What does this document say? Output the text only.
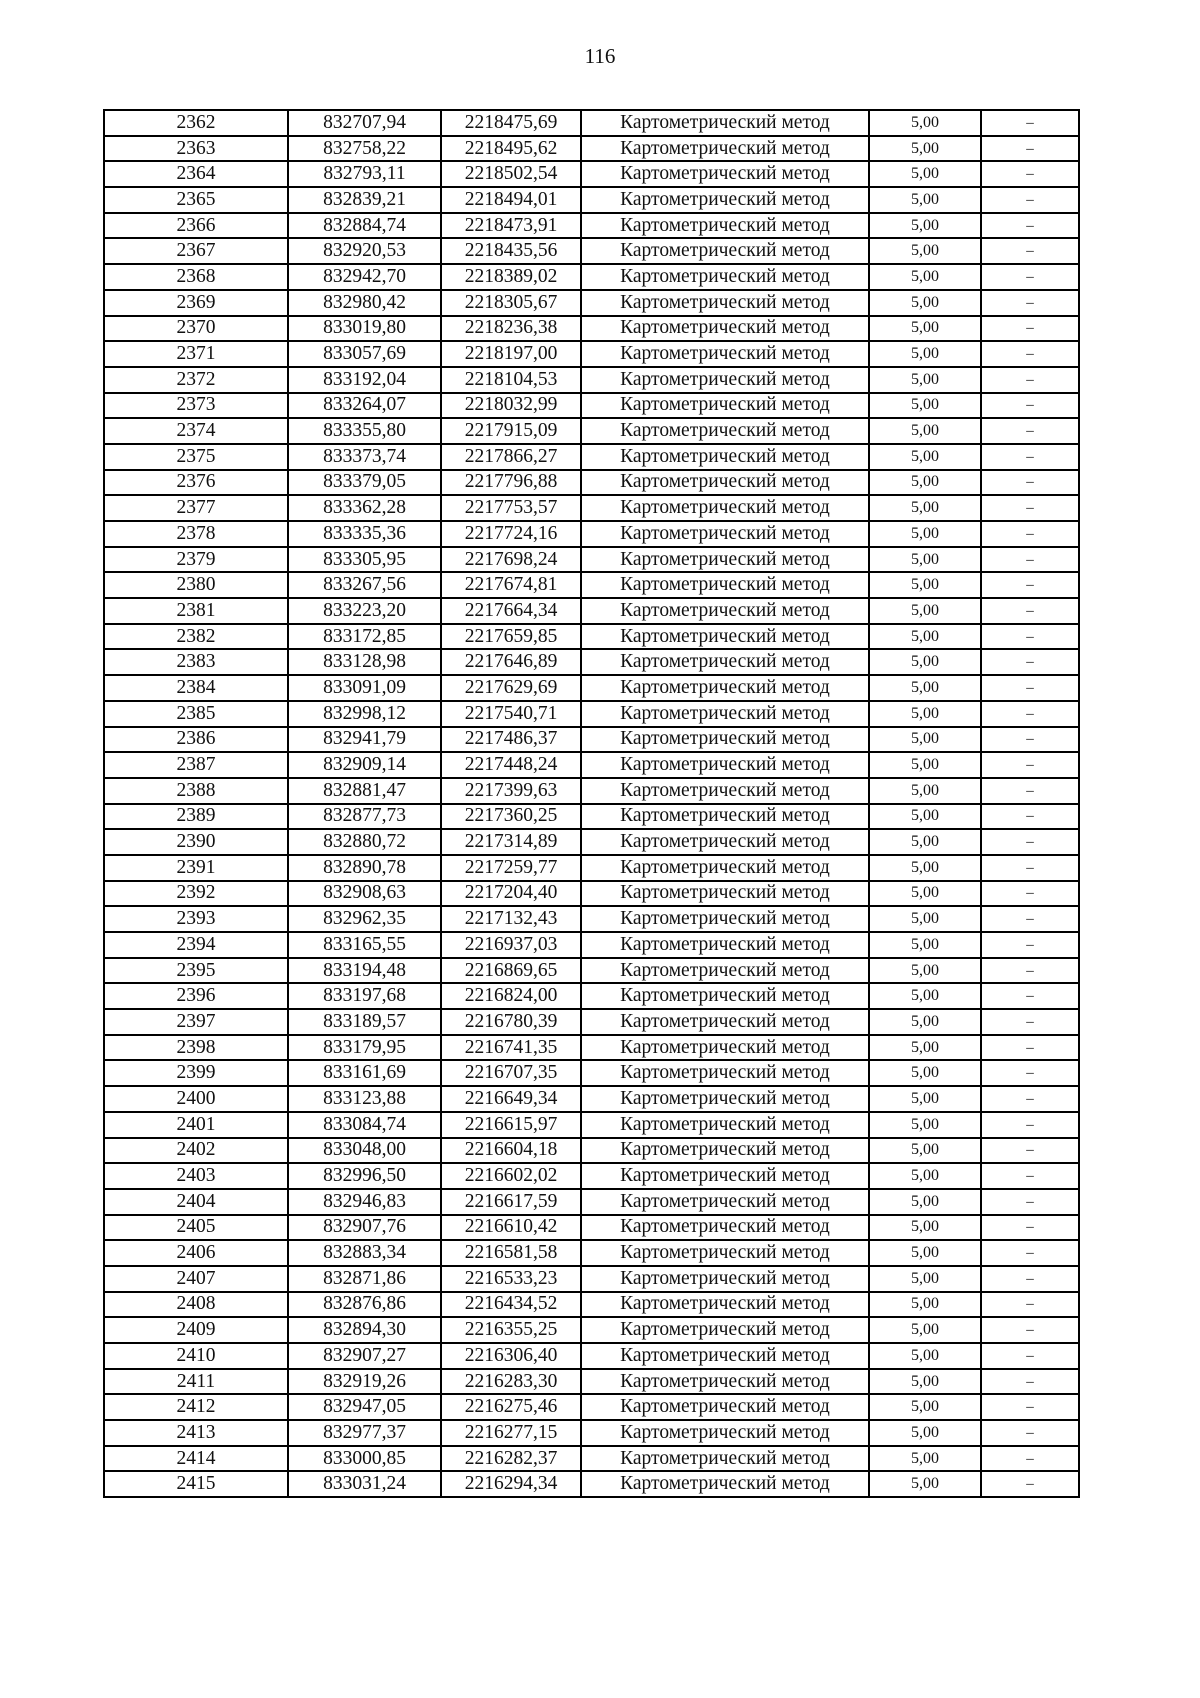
116
2362	832707,94	2218475,69	Картометрический метод	5,00	–
2363	832758,22	2218495,62	Картометрический метод	5,00	–
2364	832793,11	2218502,54	Картометрический метод	5,00	–
2365	832839,21	2218494,01	Картометрический метод	5,00	–
2366	832884,74	2218473,91	Картометрический метод	5,00	–
2367	832920,53	2218435,56	Картометрический метод	5,00	–
2368	832942,70	2218389,02	Картометрический метод	5,00	–
2369	832980,42	2218305,67	Картометрический метод	5,00	–
2370	833019,80	2218236,38	Картометрический метод	5,00	–
2371	833057,69	2218197,00	Картометрический метод	5,00	–
2372	833192,04	2218104,53	Картометрический метод	5,00	–
2373	833264,07	2218032,99	Картометрический метод	5,00	–
2374	833355,80	2217915,09	Картометрический метод	5,00	–
2375	833373,74	2217866,27	Картометрический метод	5,00	–
2376	833379,05	2217796,88	Картометрический метод	5,00	–
2377	833362,28	2217753,57	Картометрический метод	5,00	–
2378	833335,36	2217724,16	Картометрический метод	5,00	–
2379	833305,95	2217698,24	Картометрический метод	5,00	–
2380	833267,56	2217674,81	Картометрический метод	5,00	–
2381	833223,20	2217664,34	Картометрический метод	5,00	–
2382	833172,85	2217659,85	Картометрический метод	5,00	–
2383	833128,98	2217646,89	Картометрический метод	5,00	–
2384	833091,09	2217629,69	Картометрический метод	5,00	–
2385	832998,12	2217540,71	Картометрический метод	5,00	–
2386	832941,79	2217486,37	Картометрический метод	5,00	–
2387	832909,14	2217448,24	Картометрический метод	5,00	–
2388	832881,47	2217399,63	Картометрический метод	5,00	–
2389	832877,73	2217360,25	Картометрический метод	5,00	–
2390	832880,72	2217314,89	Картометрический метод	5,00	–
2391	832890,78	2217259,77	Картометрический метод	5,00	–
2392	832908,63	2217204,40	Картометрический метод	5,00	–
2393	832962,35	2217132,43	Картометрический метод	5,00	–
2394	833165,55	2216937,03	Картометрический метод	5,00	–
2395	833194,48	2216869,65	Картометрический метод	5,00	–
2396	833197,68	2216824,00	Картометрический метод	5,00	–
2397	833189,57	2216780,39	Картометрический метод	5,00	–
2398	833179,95	2216741,35	Картометрический метод	5,00	–
2399	833161,69	2216707,35	Картометрический метод	5,00	–
2400	833123,88	2216649,34	Картометрический метод	5,00	–
2401	833084,74	2216615,97	Картометрический метод	5,00	–
2402	833048,00	2216604,18	Картометрический метод	5,00	–
2403	832996,50	2216602,02	Картометрический метод	5,00	–
2404	832946,83	2216617,59	Картометрический метод	5,00	–
2405	832907,76	2216610,42	Картометрический метод	5,00	–
2406	832883,34	2216581,58	Картометрический метод	5,00	–
2407	832871,86	2216533,23	Картометрический метод	5,00	–
2408	832876,86	2216434,52	Картометрический метод	5,00	–
2409	832894,30	2216355,25	Картометрический метод	5,00	–
2410	832907,27	2216306,40	Картометрический метод	5,00	–
2411	832919,26	2216283,30	Картометрический метод	5,00	–
2412	832947,05	2216275,46	Картометрический метод	5,00	–
2413	832977,37	2216277,15	Картометрический метод	5,00	–
2414	833000,85	2216282,37	Картометрический метод	5,00	–
2415	833031,24	2216294,34	Картометрический метод	5,00	–
